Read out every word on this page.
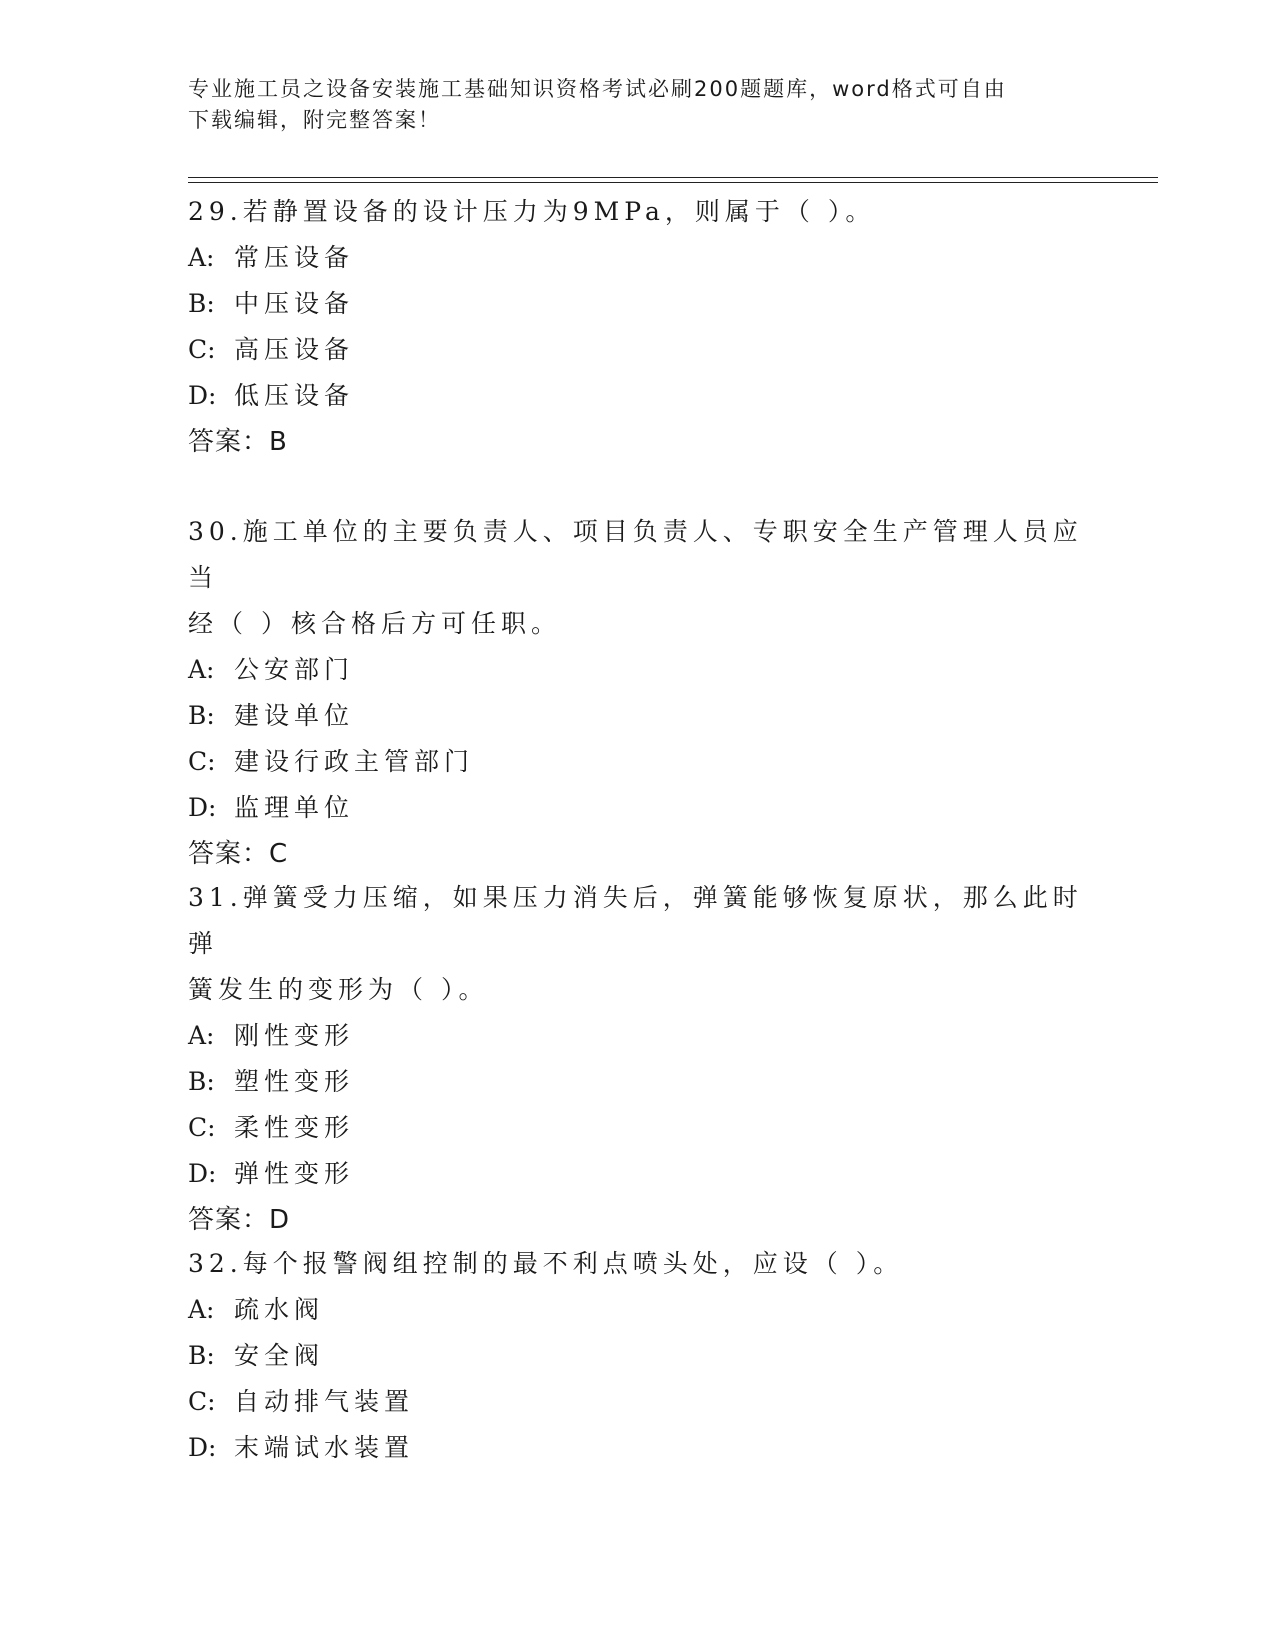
专业施工员之设备安装施工基础知识资格考试必刷200题题库，word格式可自由
下载编辑，附完整答案！
29.若静置设备的设计压力为9MPa，则属于（ ）。
A: 常压设备
B: 中压设备
C: 高压设备
D: 低压设备
答案：B
30.施工单位的主要负责人、项目负责人、专职安全生产管理人员应当
经（ ）核合格后方可任职。
A: 公安部门
B: 建设单位
C: 建设行政主管部门
D: 监理单位
答案：C
31.弹簧受力压缩，如果压力消失后，弹簧能够恢复原状，那么此时弹
簧发生的变形为（ ）。
A: 刚性变形
B: 塑性变形
C: 柔性变形
D: 弹性变形
答案：D
32.每个报警阀组控制的最不利点喷头处，应设（ ）。
A: 疏水阀
B: 安全阀
C: 自动排气装置
D: 末端试水装置
